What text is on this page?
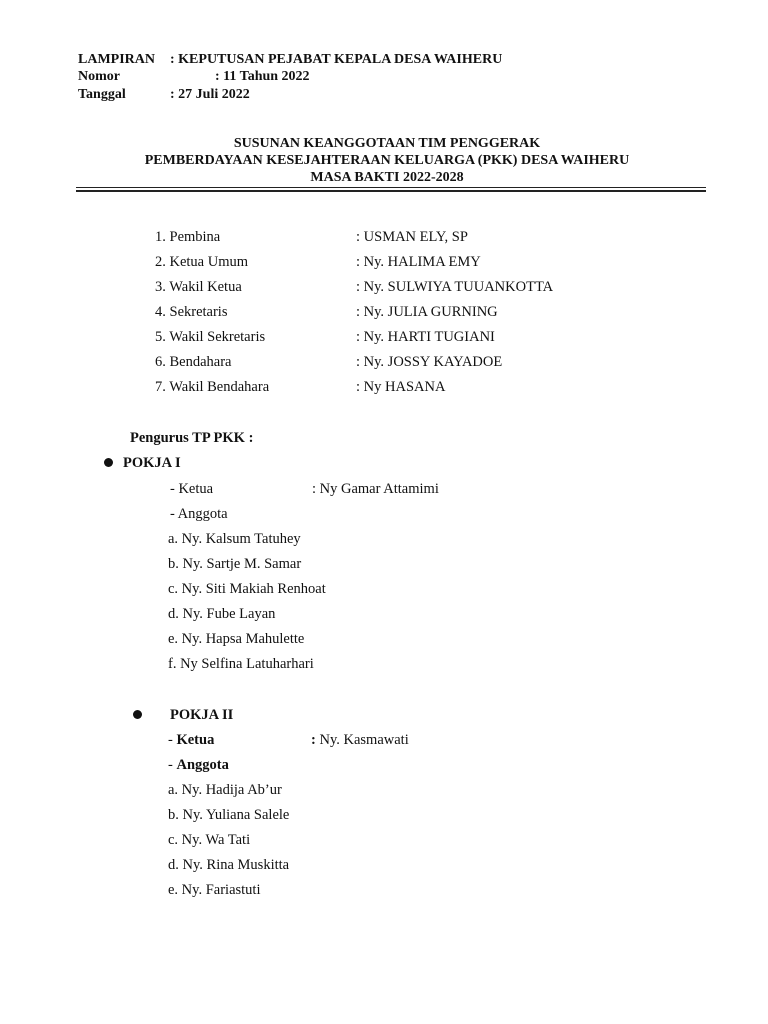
LAMPIRAN : KEPUTUSAN PEJABAT KEPALA DESA WAIHERU
Nomor	: 11 Tahun 2022
Tanggal	: 27 Juli 2022
SUSUNAN KEANGGOTAAN TIM PENGGERAK
PEMBERDAYAAN KESEJAHTERAAN KELUARGA (PKK) DESA WAIHERU
MASA BAKTI 2022-2028
1. Pembina	: USMAN ELY, SP
2. Ketua Umum	: Ny. HALIMA EMY
3. Wakil Ketua	: Ny. SULWIYA TUUANKOTTA
4. Sekretaris	: Ny. JULIA GURNING
5. Wakil Sekretaris	: Ny. HARTI TUGIANI
6. Bendahara	: Ny. JOSSY KAYADOE
7. Wakil Bendahara	: Ny HASANA
Pengurus TP PKK :
POKJA I
- Ketua	: Ny Gamar Attamimi
- Anggota
a. Ny. Kalsum Tatuhey
b. Ny. Sartje M. Samar
c. Ny. Siti Makiah Renhoat
d. Ny. Fube Layan
e. Ny. Hapsa Mahulette
f. Ny Selfina Latuharhari
POKJA II
- Ketua	: Ny. Kasmawati
- Anggota
a. Ny. Hadija Ab’ur
b. Ny. Yuliana Salele
c. Ny. Wa Tati
d. Ny. Rina Muskitta
e. Ny. Fariastuti
